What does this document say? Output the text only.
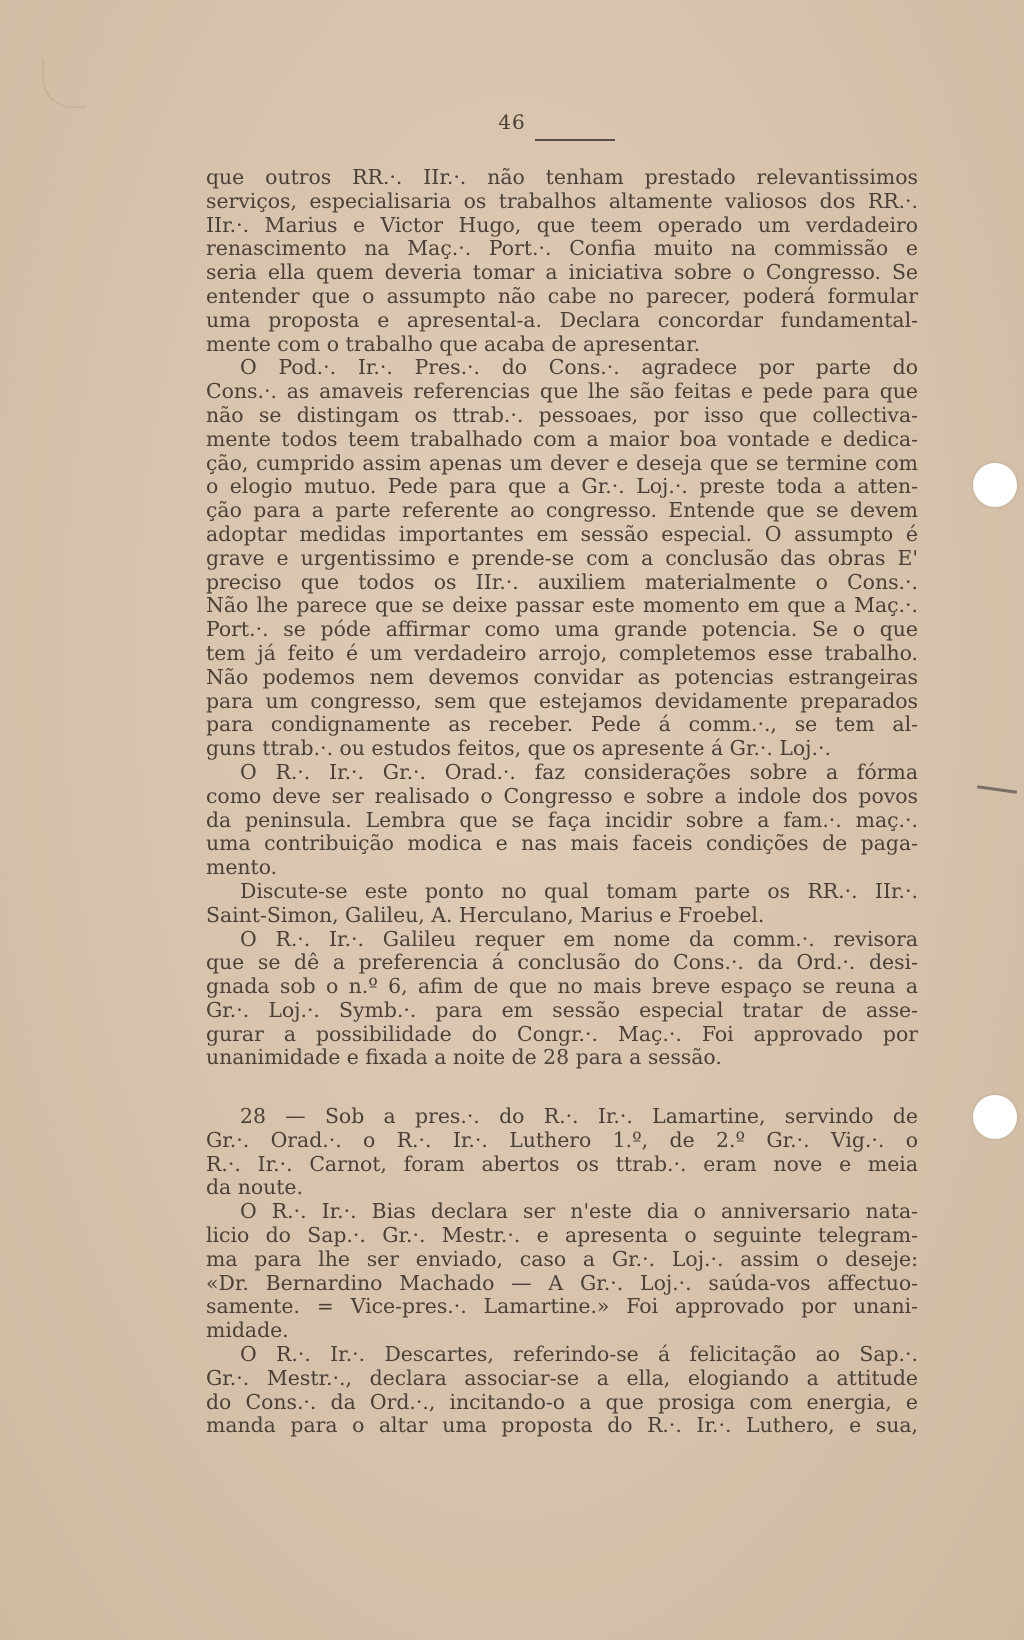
46
que outros RR.·. IIr.·. não tenham prestado relevantissimos
serviços, especialisaria os trabalhos altamente valiosos dos RR.·.
IIr.·. Marius e Victor Hugo, que teem operado um verdadeiro
renascimento na Maç.·. Port.·. Confia muito na commissão e
seria ella quem deveria tomar a iniciativa sobre o Congresso. Se
entender que o assumpto não cabe no parecer, poderá formular
uma proposta e apresental-a. Declara concordar fundamental-
mente com o trabalho que acaba de apresentar.
O Pod.·. Ir.·. Pres.·. do Cons.·. agradece por parte do
Cons.·. as amaveis referencias que lhe são feitas e pede para que
não se distingam os ttrab.·. pessoaes, por isso que collectiva-
mente todos teem trabalhado com a maior boa vontade e dedica-
ção, cumprido assim apenas um dever e deseja que se termine com
o elogio mutuo. Pede para que a Gr.·. Loj.·. preste toda a atten-
ção para a parte referente ao congresso. Entende que se devem
adoptar medidas importantes em sessão especial. O assumpto é
grave e urgentissimo e prende-se com a conclusão das obras E'
preciso que todos os IIr.·. auxiliem materialmente o Cons.·.
Não lhe parece que se deixe passar este momento em que a Maç.·.
Port.·. se póde affirmar como uma grande potencia. Se o que
tem já feito é um verdadeiro arrojo, completemos esse trabalho.
Não podemos nem devemos convidar as potencias estrangeiras
para um congresso, sem que estejamos devidamente preparados
para condignamente as receber. Pede á comm.·., se tem al-
guns ttrab.·. ou estudos feitos, que os apresente á Gr.·. Loj.·.
O R.·. Ir.·. Gr.·. Orad.·. faz considerações sobre a fórma
como deve ser realisado o Congresso e sobre a indole dos povos
da peninsula. Lembra que se faça incidir sobre a fam.·. maç.·.
uma contribuição modica e nas mais faceis condições de paga-
mento.
Discute-se este ponto no qual tomam parte os RR.·. IIr.·.
Saint-Simon, Galileu, A. Herculano, Marius e Froebel.
O R.·. Ir.·. Galileu requer em nome da comm.·. revisora
que se dê a preferencia á conclusão do Cons.·. da Ord.·. desi-
gnada sob o n.º 6, afim de que no mais breve espaço se reuna a
Gr.·. Loj.·. Symb.·. para em sessão especial tratar de asse-
gurar a possibilidade do Congr.·. Maç.·. Foi approvado por
unanimidade e fixada a noite de 28 para a sessão.
28 — Sob a pres.·. do R.·. Ir.·. Lamartine, servindo de
Gr.·. Orad.·. o R.·. Ir.·. Luthero 1.º, de 2.º Gr.·. Vig.·. o
R.·. Ir.·. Carnot, foram abertos os ttrab.·. eram nove e meia
da noute.
O R.·. Ir.·. Bias declara ser n'este dia o anniversario nata-
licio do Sap.·. Gr.·. Mestr.·. e apresenta o seguinte telegram-
ma para lhe ser enviado, caso a Gr.·. Loj.·. assim o deseje:
«Dr. Bernardino Machado — A Gr.·. Loj.·. saúda-vos affectuo-
samente. = Vice-pres.·. Lamartine.» Foi approvado por unani-
midade.
O R.·. Ir.·. Descartes, referindo-se á felicitação ao Sap.·.
Gr.·. Mestr.·., declara associar-se a ella, elogiando a attitude
do Cons.·. da Ord.·., incitando-o a que prosiga com energia, e
manda para o altar uma proposta do R.·. Ir.·. Luthero, e sua,
